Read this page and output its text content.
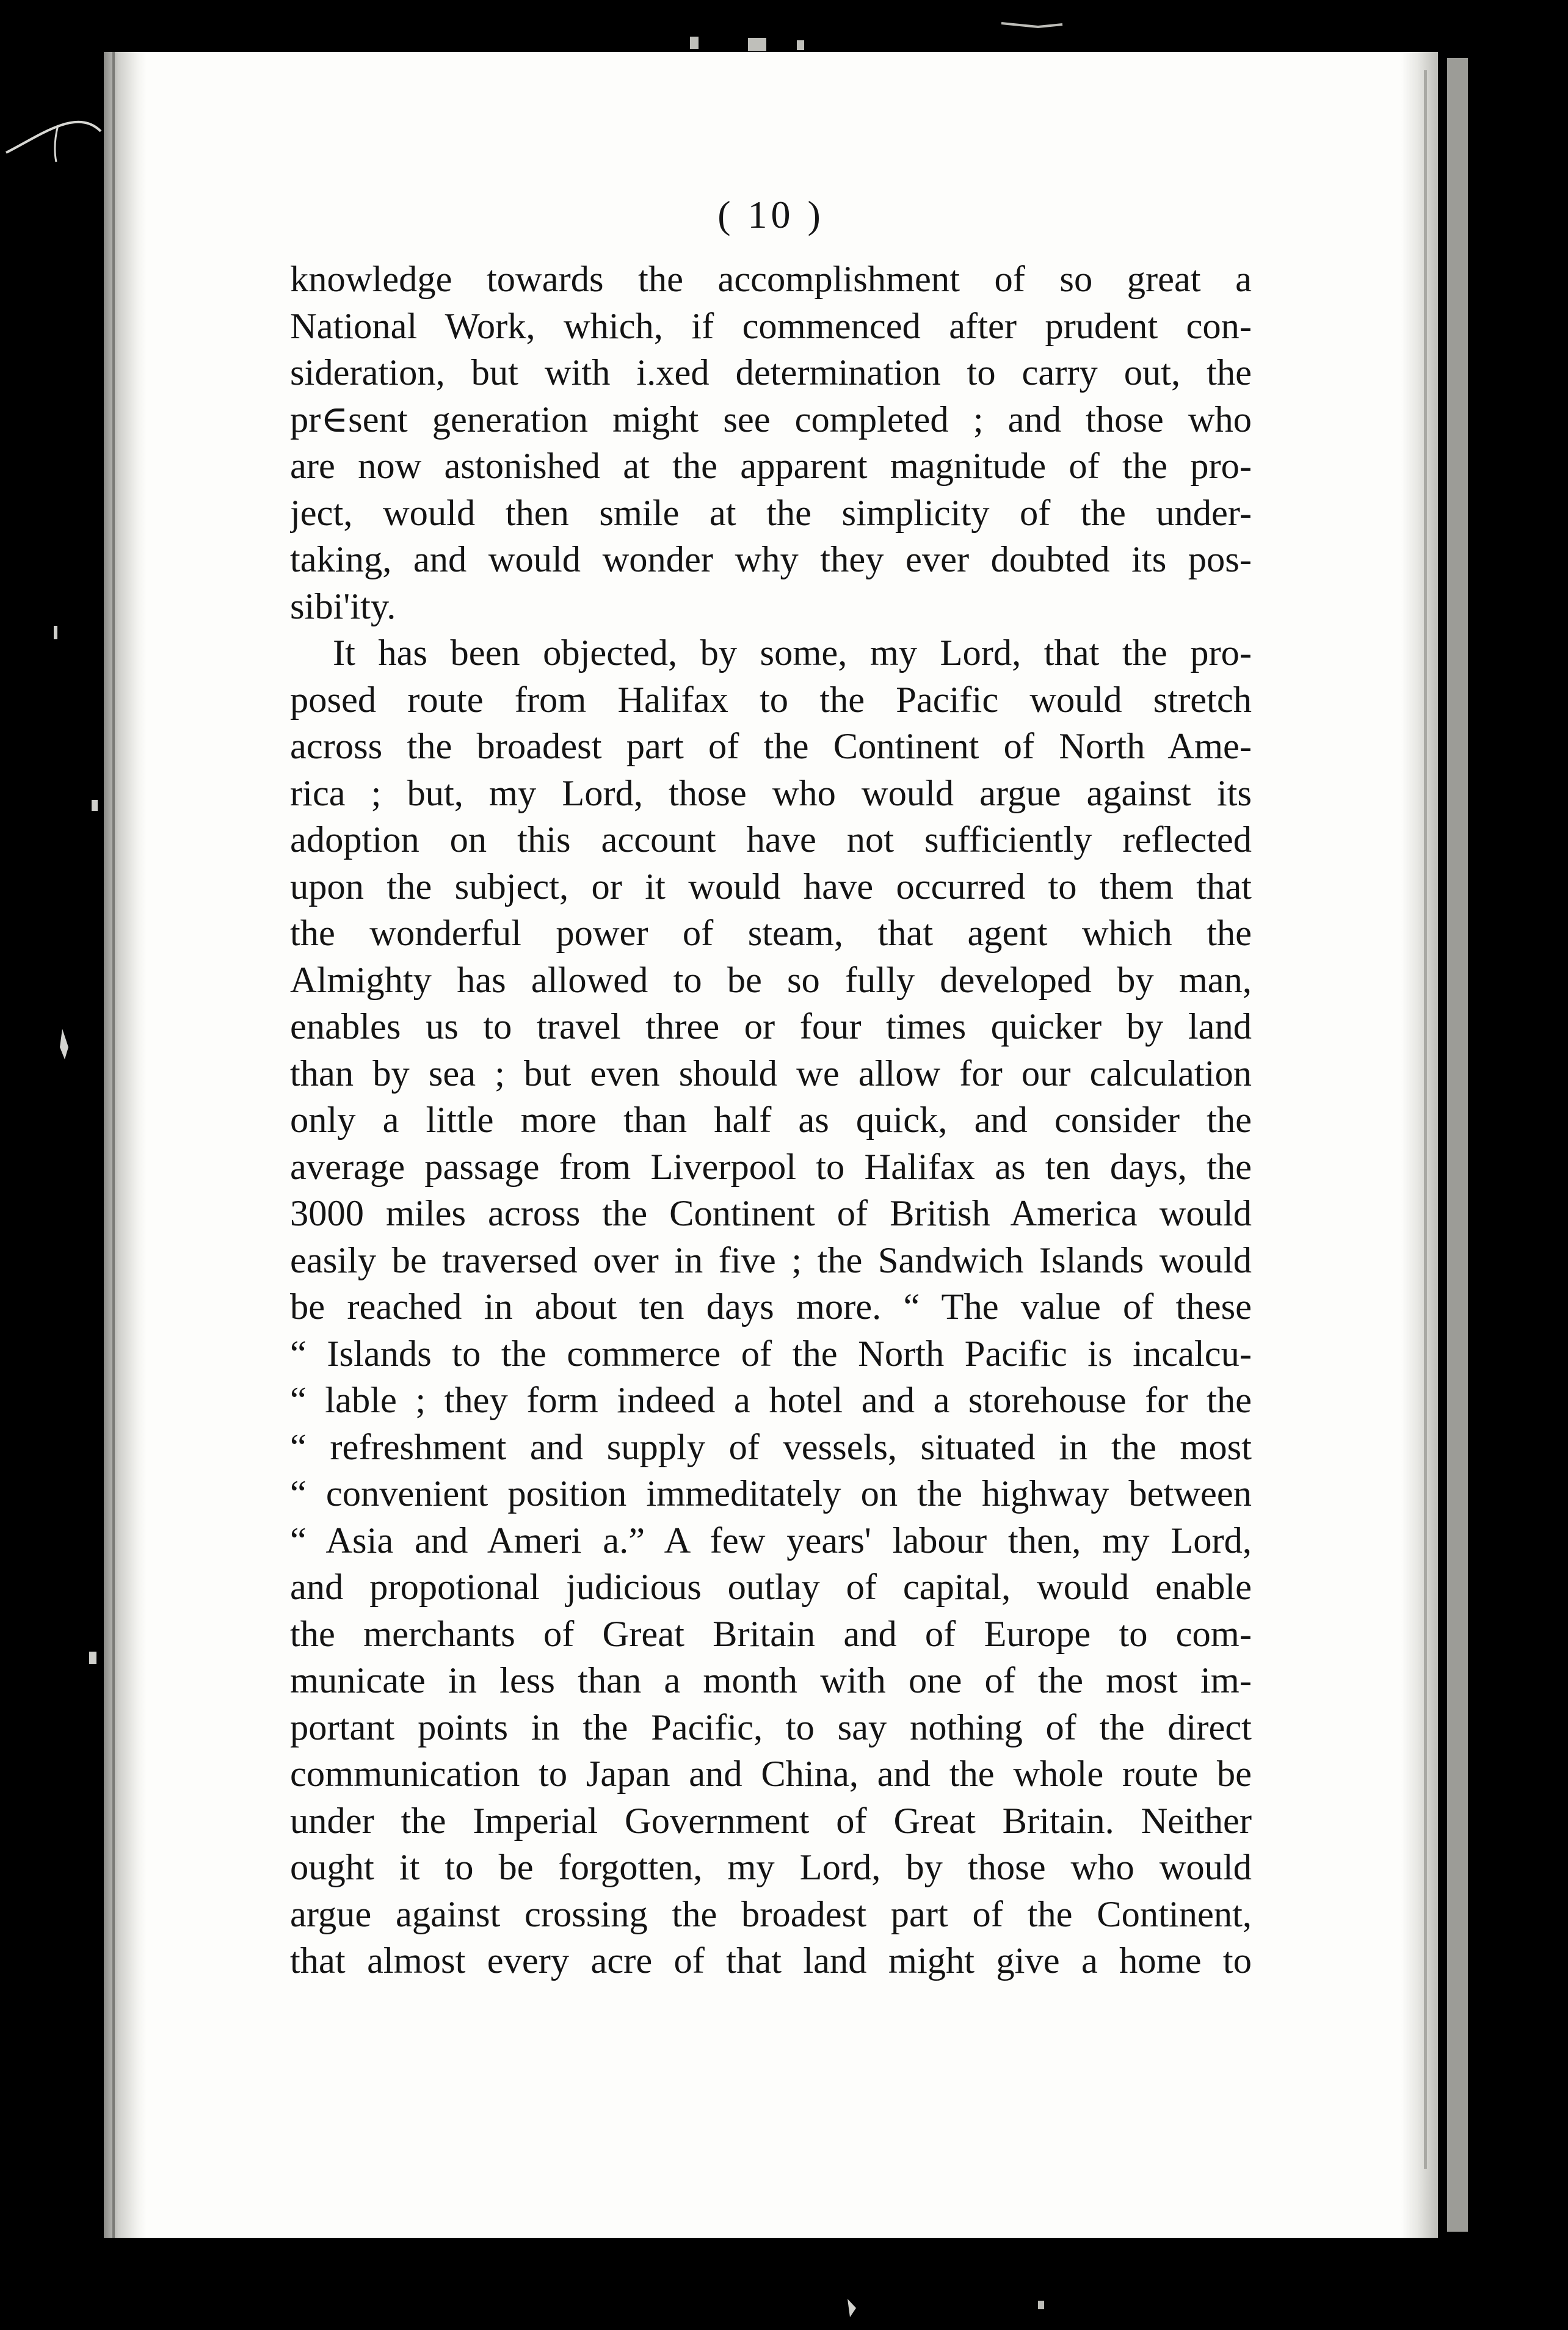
( 10 )
knowledge towards the accomplishment of so great a
National Work, which, if commenced after prudent con-
sideration, but with i.xed determination to carry out, the
pr∈sent generation might see completed ; and those who
are now astonished at the apparent magnitude of the pro-
ject, would then smile at the simplicity of the under-
taking, and would wonder why they ever doubted its pos-
sibi'ity.
It has been objected, by some, my Lord, that the pro-
posed route from Halifax to the Pacific would stretch
across the broadest part of the Continent of North Ame-
rica ; but, my Lord, those who would argue against its
adoption on this account have not sufficiently reflected
upon the subject, or it would have occurred to them that
the wonderful power of steam, that agent which the
Almighty has allowed to be so fully developed by man,
enables us to travel three or four times quicker by land
than by sea ; but even should we allow for our calculation
only a little more than half as quick, and consider the
average passage from Liverpool to Halifax as ten days, the
3000 miles across the Continent of British America would
easily be traversed over in five ; the Sandwich Islands would
be reached in about ten days more. “ The value of these
“ Islands to the commerce of the North Pacific is incalcu-
“ lable ; they form indeed a hotel and a storehouse for the
“ refreshment and supply of vessels, situated in the most
“ convenient position immeditately on the highway between
“ Asia and Ameri a.” A few years' labour then, my Lord,
and propotional judicious outlay of capital, would enable
the merchants of Great Britain and of Europe to com-
municate in less than a month with one of the most im-
portant points in the Pacific, to say nothing of the direct
communication to Japan and China, and the whole route be
under the Imperial Government of Great Britain. Neither
ought it to be forgotten, my Lord, by those who would
argue against crossing the broadest part of the Continent,
that almost every acre of that land might give a home to
